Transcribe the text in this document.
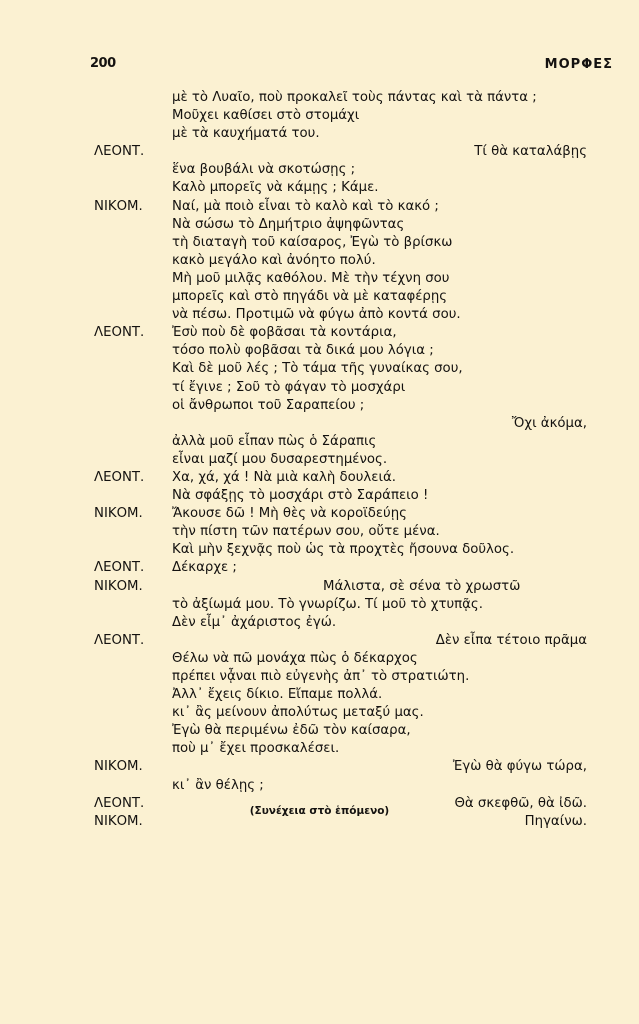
200	ΜΟΡΦΕΣ
μὲ τὸ Λυαῖο, ποὺ προκαλεῖ τοὺς πάντας καὶ τὰ πάντα ;
Μοῦχει καθίσει στὸ στομάχι
μὲ τὰ καυχήματά του.
ΛΕΟΝΤ.	Τί θὰ καταλάβῃς
ἕνα βουβάλι νὰ σκοτώσῃς ;
Καλὸ μπορεῖς νὰ κάμῃς ; Κάμε.
ΝΙΚΟΜ. Ναί, μὰ ποιὸ εἶναι τὸ καλὸ καὶ τὸ κακό ;
Νὰ σώσω τὸ Δημήτριο ἀψηφῶντας
τὴ διαταγὴ τοῦ καίσαρος, Ἐγὼ τὸ βρίσκω
κακὸ μεγάλο καὶ ἀνόητο πολύ.
Μὴ μοῦ μιλᾷς καθόλου. Μὲ τὴν τέχνη σου
μπορεῖς καὶ στὸ πηγάδι νὰ μὲ καταφέρῃς
νὰ πέσω. Προτιμῶ νὰ φύγω ἀπὸ κοντά σου.
ΛΕΟΝΤ. Ἐσὺ ποὺ δὲ φοβᾶσαι τὰ κοντάρια,
τόσο πολὺ φοβᾶσαι τὰ δικά μου λόγια ;
Καὶ δὲ μοῦ λές ; Τὸ τάμα τῆς γυναίκας σου,
τί ἔγινε ; Σοῦ τὸ φάγαν τὸ μοσχάρι
οἱ ἄνθρωποι τοῦ Σαραπείου ;
Ὄχι ἀκόμα,
ἀλλὰ μοῦ εἶπαν πὼς ὁ Σάραπις
εἶναι μαζί μου δυσαρεστημένος.
ΛΕΟΝΤ. Χα, χά, χά ! Νὰ μιὰ καλὴ δουλειά.
Νὰ σφάξῃς τὸ μοσχάρι στὸ Σαράπειο !
ΝΙΚΟΜ. Ἄκουσε δῶ ! Μὴ θὲς νὰ κοροϊδεύῃς
τὴν πίστη τῶν πατέρων σου, οὔτε μένα.
Καὶ μὴν ξεχνᾷς ποὺ ὡς τὰ προχτὲς ἤσουνα δοῦλος.
ΛΕΟΝΤ. Δέκαρχε ;
ΝΙΚΟΜ.	Μάλιστα, σὲ σένα τὸ χρωστῶ
τὸ ἀξίωμά μου. Τὸ γνωρίζω. Τί μοῦ τὸ χτυπᾷς.
Δὲν εἶμ᾿ ἀχάριστος ἐγώ.
ΛΕΟΝΤ.	Δὲν εἶπα τέτοιο πρᾶμα
Θέλω νὰ πῶ μονάχα πὼς ὁ δέκαρχος
πρέπει νᾆναι πιὸ εὐγενὴς ἀπ᾿ τὸ στρατιώτη.
Ἀλλ᾿ ἔχεις δίκιο. Εἴπαμε πολλά.
κι᾿ ἂς μείνουν ἀπολύτως μεταξύ μας.
Ἐγὼ θὰ περιμένω ἐδῶ τὸν καίσαρα,
ποὺ μ᾿ ἔχει προσκαλέσει.
ΝΙΚΟΜ.	Ἐγὼ θὰ φύγω τώρα,
κι᾿ ἂν θέλῃς ;
ΛΕΟΝΤ.	Θὰ σκεφθῶ, θὰ ἰδῶ.
ΝΙΚΟΜ.	Πηγαίνω.
(Συνέχεια στὸ ἑπόμενο)
